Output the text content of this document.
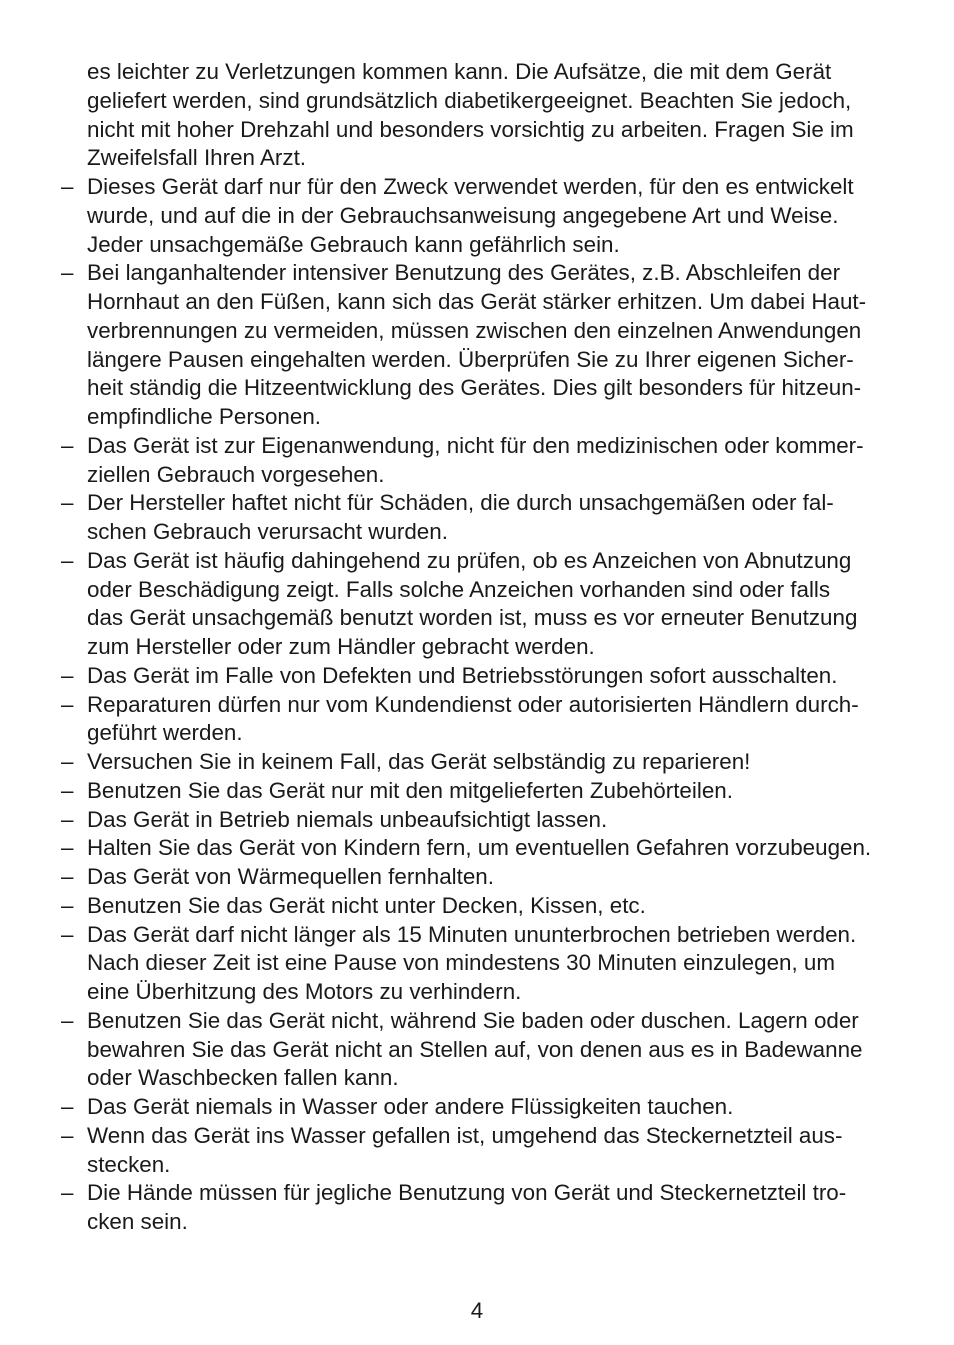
es leichter zu Verletzungen kommen kann. Die Aufsätze, die mit dem Gerät
geliefert werden, sind grundsätzlich diabetikergeeignet. Beachten Sie jedoch,
nicht mit hoher Drehzahl und besonders vorsichtig zu arbeiten. Fragen Sie im
Zweifelsfall Ihren Arzt.
– Dieses Gerät darf nur für den Zweck verwendet werden, für den es entwickelt
wurde, und auf die in der Gebrauchsanweisung angegebene Art und Weise.
Jeder unsachgemäße Gebrauch kann gefährlich sein.
– Bei langanhaltender intensiver Benutzung des Gerätes, z.B. Abschleifen der
Hornhaut an den Füßen, kann sich das Gerät stärker erhitzen. Um dabei Haut-
verbrennungen zu vermeiden, müssen zwischen den einzelnen Anwendungen
längere Pausen eingehalten werden. Überprüfen Sie zu Ihrer eigenen Sicher-
heit ständig die Hitzeentwicklung des Gerätes. Dies gilt besonders für hitzeun-
empfindliche Personen.
– Das Gerät ist zur Eigenanwendung, nicht für den medizinischen oder kommer-
ziellen Gebrauch vorgesehen.
– Der Hersteller haftet nicht für Schäden, die durch unsachgemäßen oder fal-
schen Gebrauch verursacht wurden.
– Das Gerät ist häufig dahingehend zu prüfen, ob es Anzeichen von Abnutzung
oder Beschädigung zeigt. Falls solche Anzeichen vorhanden sind oder falls
das Gerät unsachgemäß benutzt worden ist, muss es vor erneuter Benutzung
zum Hersteller oder zum Händler gebracht werden.
– Das Gerät im Falle von Defekten und Betriebsstörungen sofort ausschalten.
– Reparaturen dürfen nur vom Kundendienst oder autorisierten Händlern durch-
geführt werden.
– Versuchen Sie in keinem Fall, das Gerät selbständig zu reparieren!
– Benutzen Sie das Gerät nur mit den mitgelieferten Zubehörteilen.
– Das Gerät in Betrieb niemals unbeaufsichtigt lassen.
– Halten Sie das Gerät von Kindern fern, um eventuellen Gefahren vorzubeugen.
– Das Gerät von Wärmequellen fernhalten.
– Benutzen Sie das Gerät nicht unter Decken, Kissen, etc.
– Das Gerät darf nicht länger als 15 Minuten ununterbrochen betrieben werden.
Nach dieser Zeit ist eine Pause von mindestens 30 Minuten einzulegen, um
eine Überhitzung des Motors zu verhindern.
– Benutzen Sie das Gerät nicht, während Sie baden oder duschen. Lagern oder
bewahren Sie das Gerät nicht an Stellen auf, von denen aus es in Badewanne
oder Waschbecken fallen kann.
– Das Gerät niemals in Wasser oder andere Flüssigkeiten tauchen.
– Wenn das Gerät ins Wasser gefallen ist, umgehend das Steckernetzteil aus-
stecken.
– Die Hände müssen für jegliche Benutzung von Gerät und Steckernetzteil tro-
cken sein.
4
